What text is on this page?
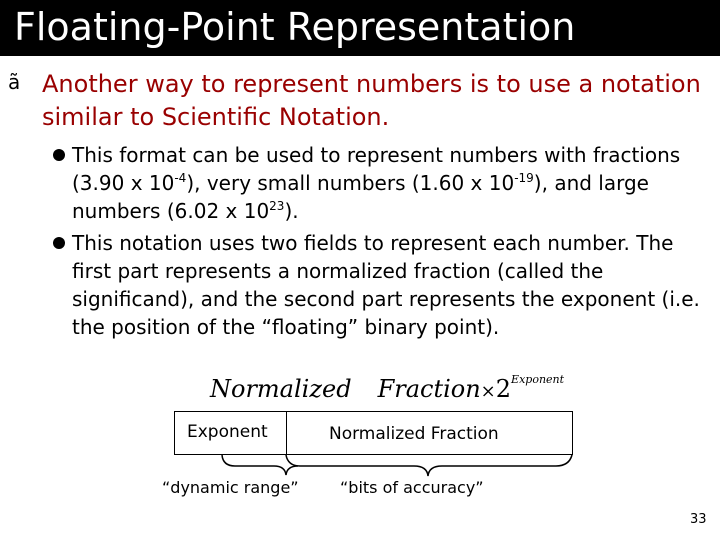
Floating-Point Representation
ã Another way to represent numbers is to use a notation similar to Scientific Notation.
This format can be used to represent numbers with fractions (3.90 x $10^{-4}$), very small numbers (1.60 x $10^{-19}$), and large numbers (6.02 x $10^{23}$).
This notation uses two fields to represent each number. The first part represents a normalized fraction (called the significand), and the second part represents the exponent (i.e. the position of the “floating” binary point).
Normalized $Fraction\times 2^{Exponent}$
Exponent	Normalized Fraction
“dynamic range”	“bits of accuracy”
33
